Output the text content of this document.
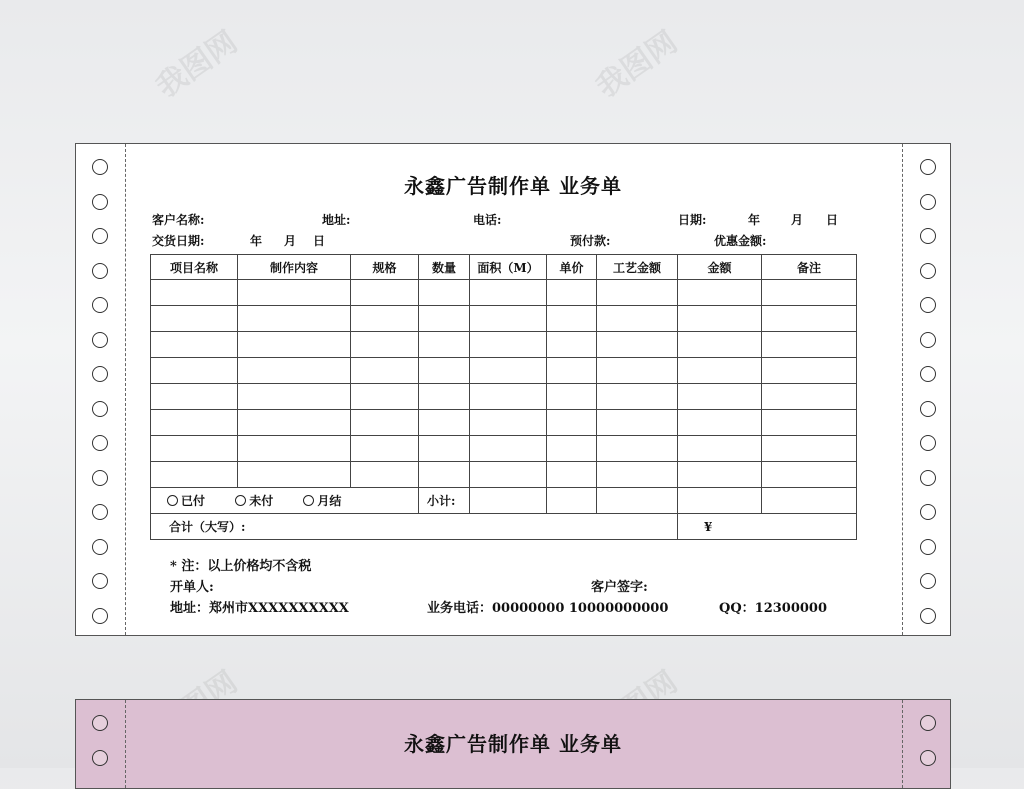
我图网	我图网
永鑫广告制作单 业务单
客户名称:	地址:	电话:	日期:	年	月 日
交货日期:	年 月 日	预付款:	优惠金额:
项目名称	制作内容	规格	数量	面积（M）	单价	工艺金额	金额	备注

已付 未付 月结			小计:					
合计（大写）:							¥	
* 注：以上价格均不含税
开单人:	客户签字:
地址：郑州市XXXXXXXXXX	业务电话：00000000 10000000000	QQ：12300000
永鑫广告制作单 业务单
